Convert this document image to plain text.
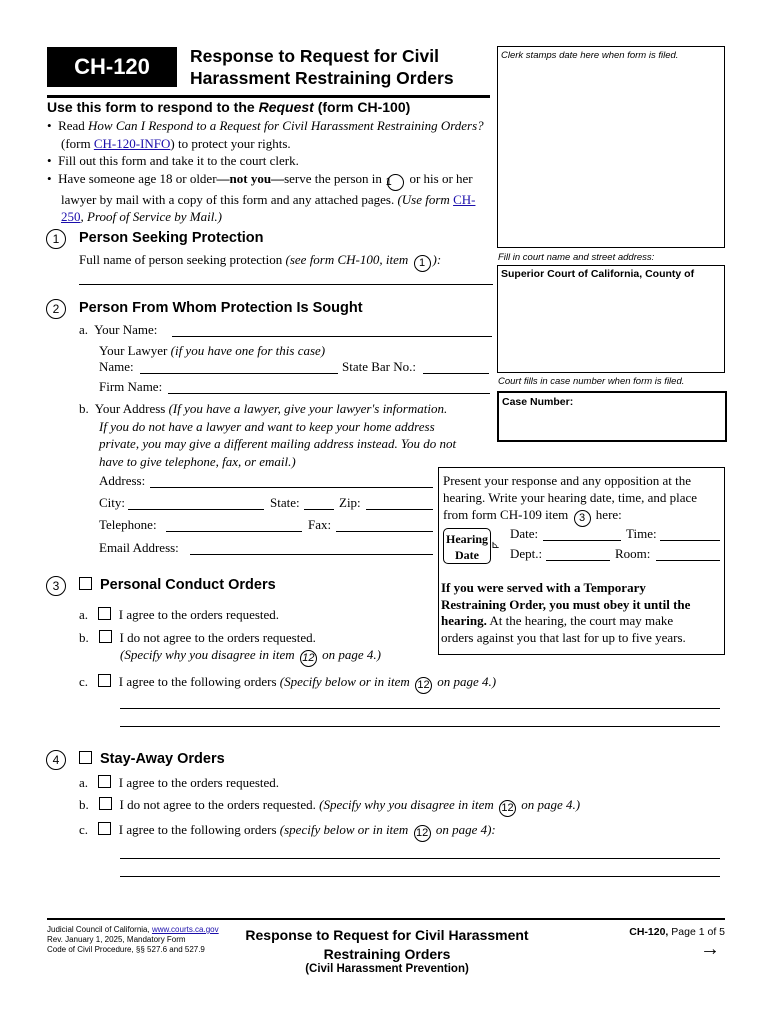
CH-120	Response to Request for Civil
Harassment Restraining Orders
Use this form to respond to the Request (form CH-100)
•  Read How Can I Respond to a Request for Civil Harassment Restraining Orders? (form CH-120-INFO) to protect your rights.
•  Fill out this form and take it to the court clerk.
•  Have someone age 18 or older—not you—serve the person in 1 or his or her lawyer by mail with a copy of this form and any attached pages. (Use form CH-250, Proof of Service by Mail.)
Clerk stamps date here when form is filed.
Fill in court name and street address:
Superior Court of California, County of
Court fills in case number when form is filed.
Case Number:
1	Person Seeking Protection
Full name of person seeking protection (see form CH-100, item 1 ):
2	Person From Whom Protection Is Sought
a. Your Name:
Your Lawyer (if you have one for this case)
Name:	State Bar No.:
Firm Name:
b. Your Address (If you have a lawyer, give your lawyer's information.
If you do not have a lawyer and want to keep your home address
private, you may give a different mailing address instead. You do not
have to give telephone, fax, or email.)
Address:
City:	State:	Zip:
Telephone:	Fax:
Email Address:
Present your response and any opposition at the
hearing. Write your hearing date, time, and place
from form CH-109 item 3 here:
Hearing
Date
⊾
Date:	Time:
Dept.:	Room:
If you were served with a Temporary
Restraining Order, you must obey it until the
hearing. At the hearing, the court may make
orders against you that last for up to five years.
3	Personal Conduct Orders
a. I agree to the orders requested.
b. I do not agree to the orders requested.
(Specify why you disagree in item 12 on page 4.)
c. I agree to the following orders (Specify below or in item 12 on page 4.)
4	Stay-Away Orders
a. I agree to the orders requested.
b. I do not agree to the orders requested. (Specify why you disagree in item 12 on page 4.)
c. I agree to the following orders (specify below or in item 12 on page 4):
Judicial Council of California, www.courts.ca.gov
Rev. January 1, 2025, Mandatory Form
Code of Civil Procedure, §§ 527.6 and 527.9
Response to Request for Civil Harassment
Restraining Orders
(Civil Harassment Prevention)
CH-120, Page 1 of 5
→
